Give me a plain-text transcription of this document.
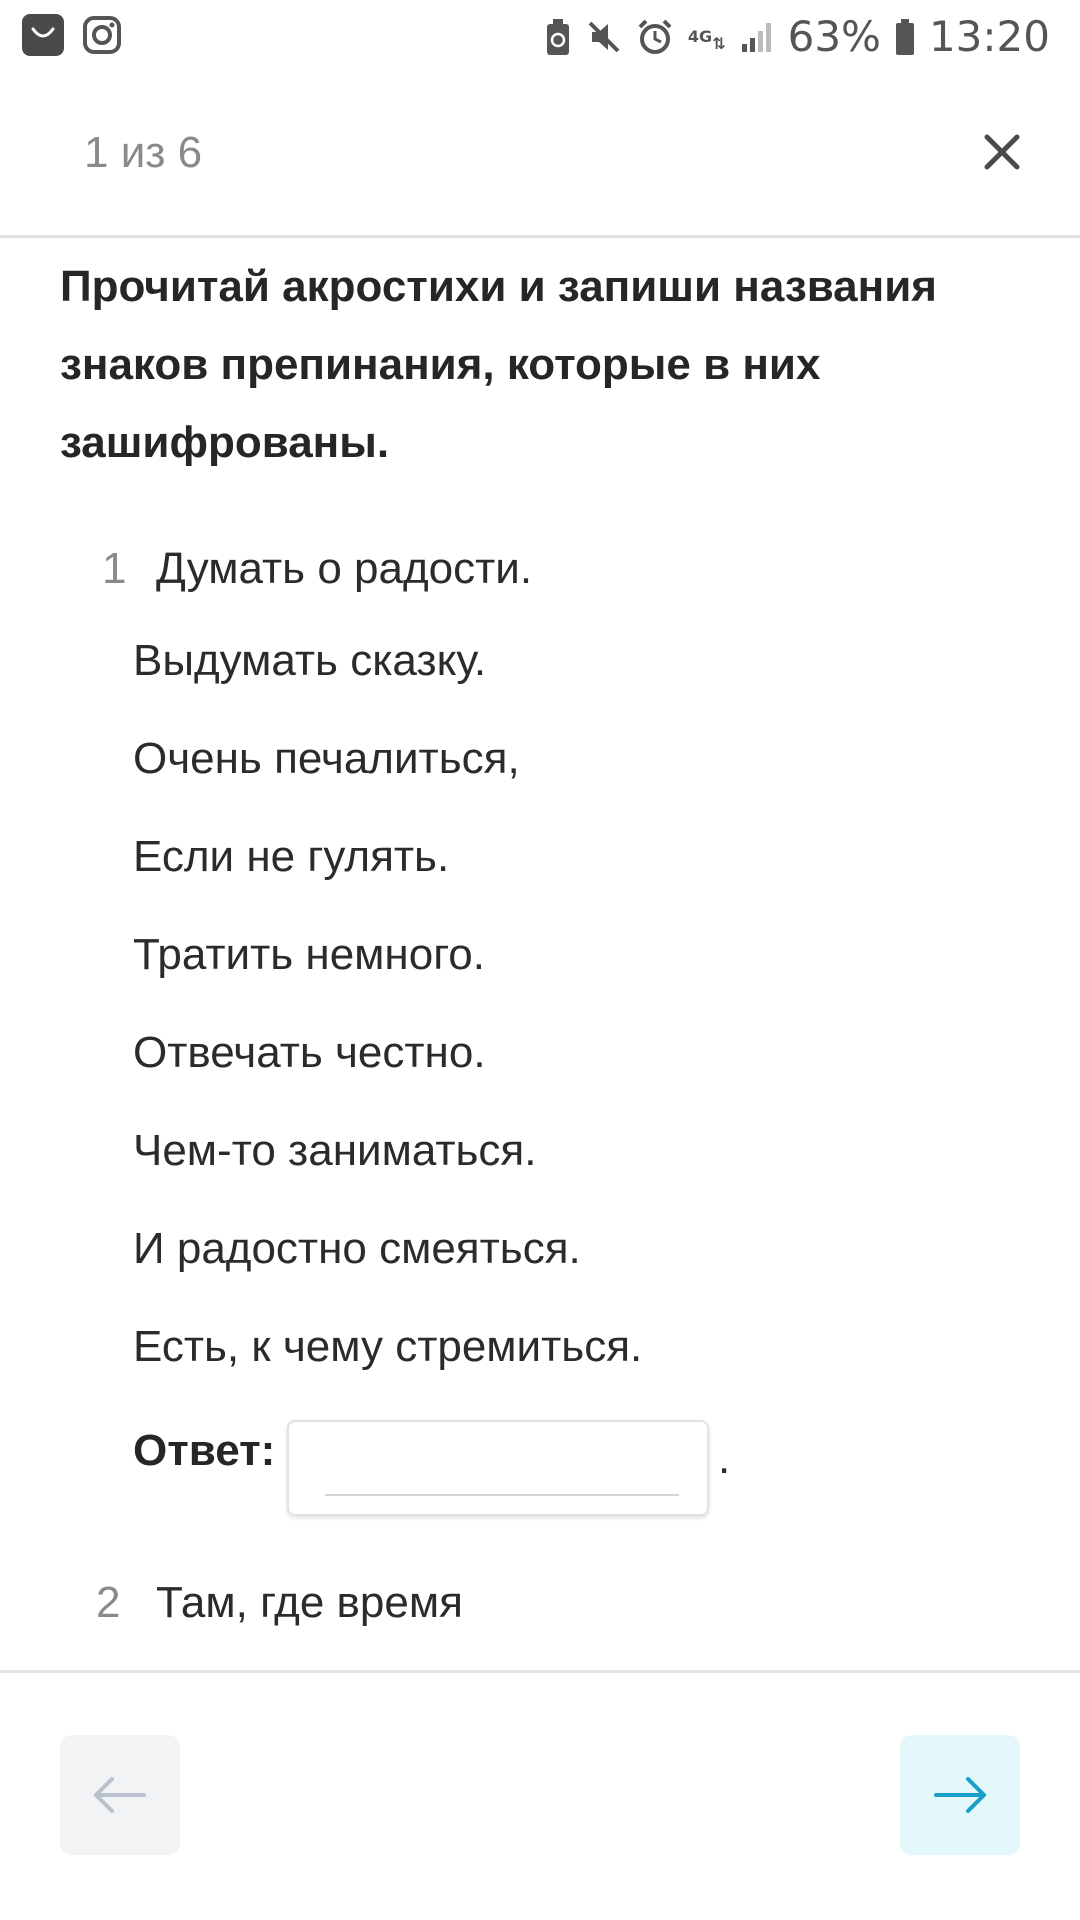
4G ⇅ 63% 13:20
1 из 6
Прочитай акростихи и запиши названия знаков препинания, которые в них зашифрованы.
1 Думать о радости.
Выдумать сказку.
Очень печалиться,
Если не гулять.
Тратить немного.
Отвечать честно.
Чем-то заниматься.
И радостно смеяться.
Есть, к чему стремиться.
Ответ:	.
2 Там, где время
